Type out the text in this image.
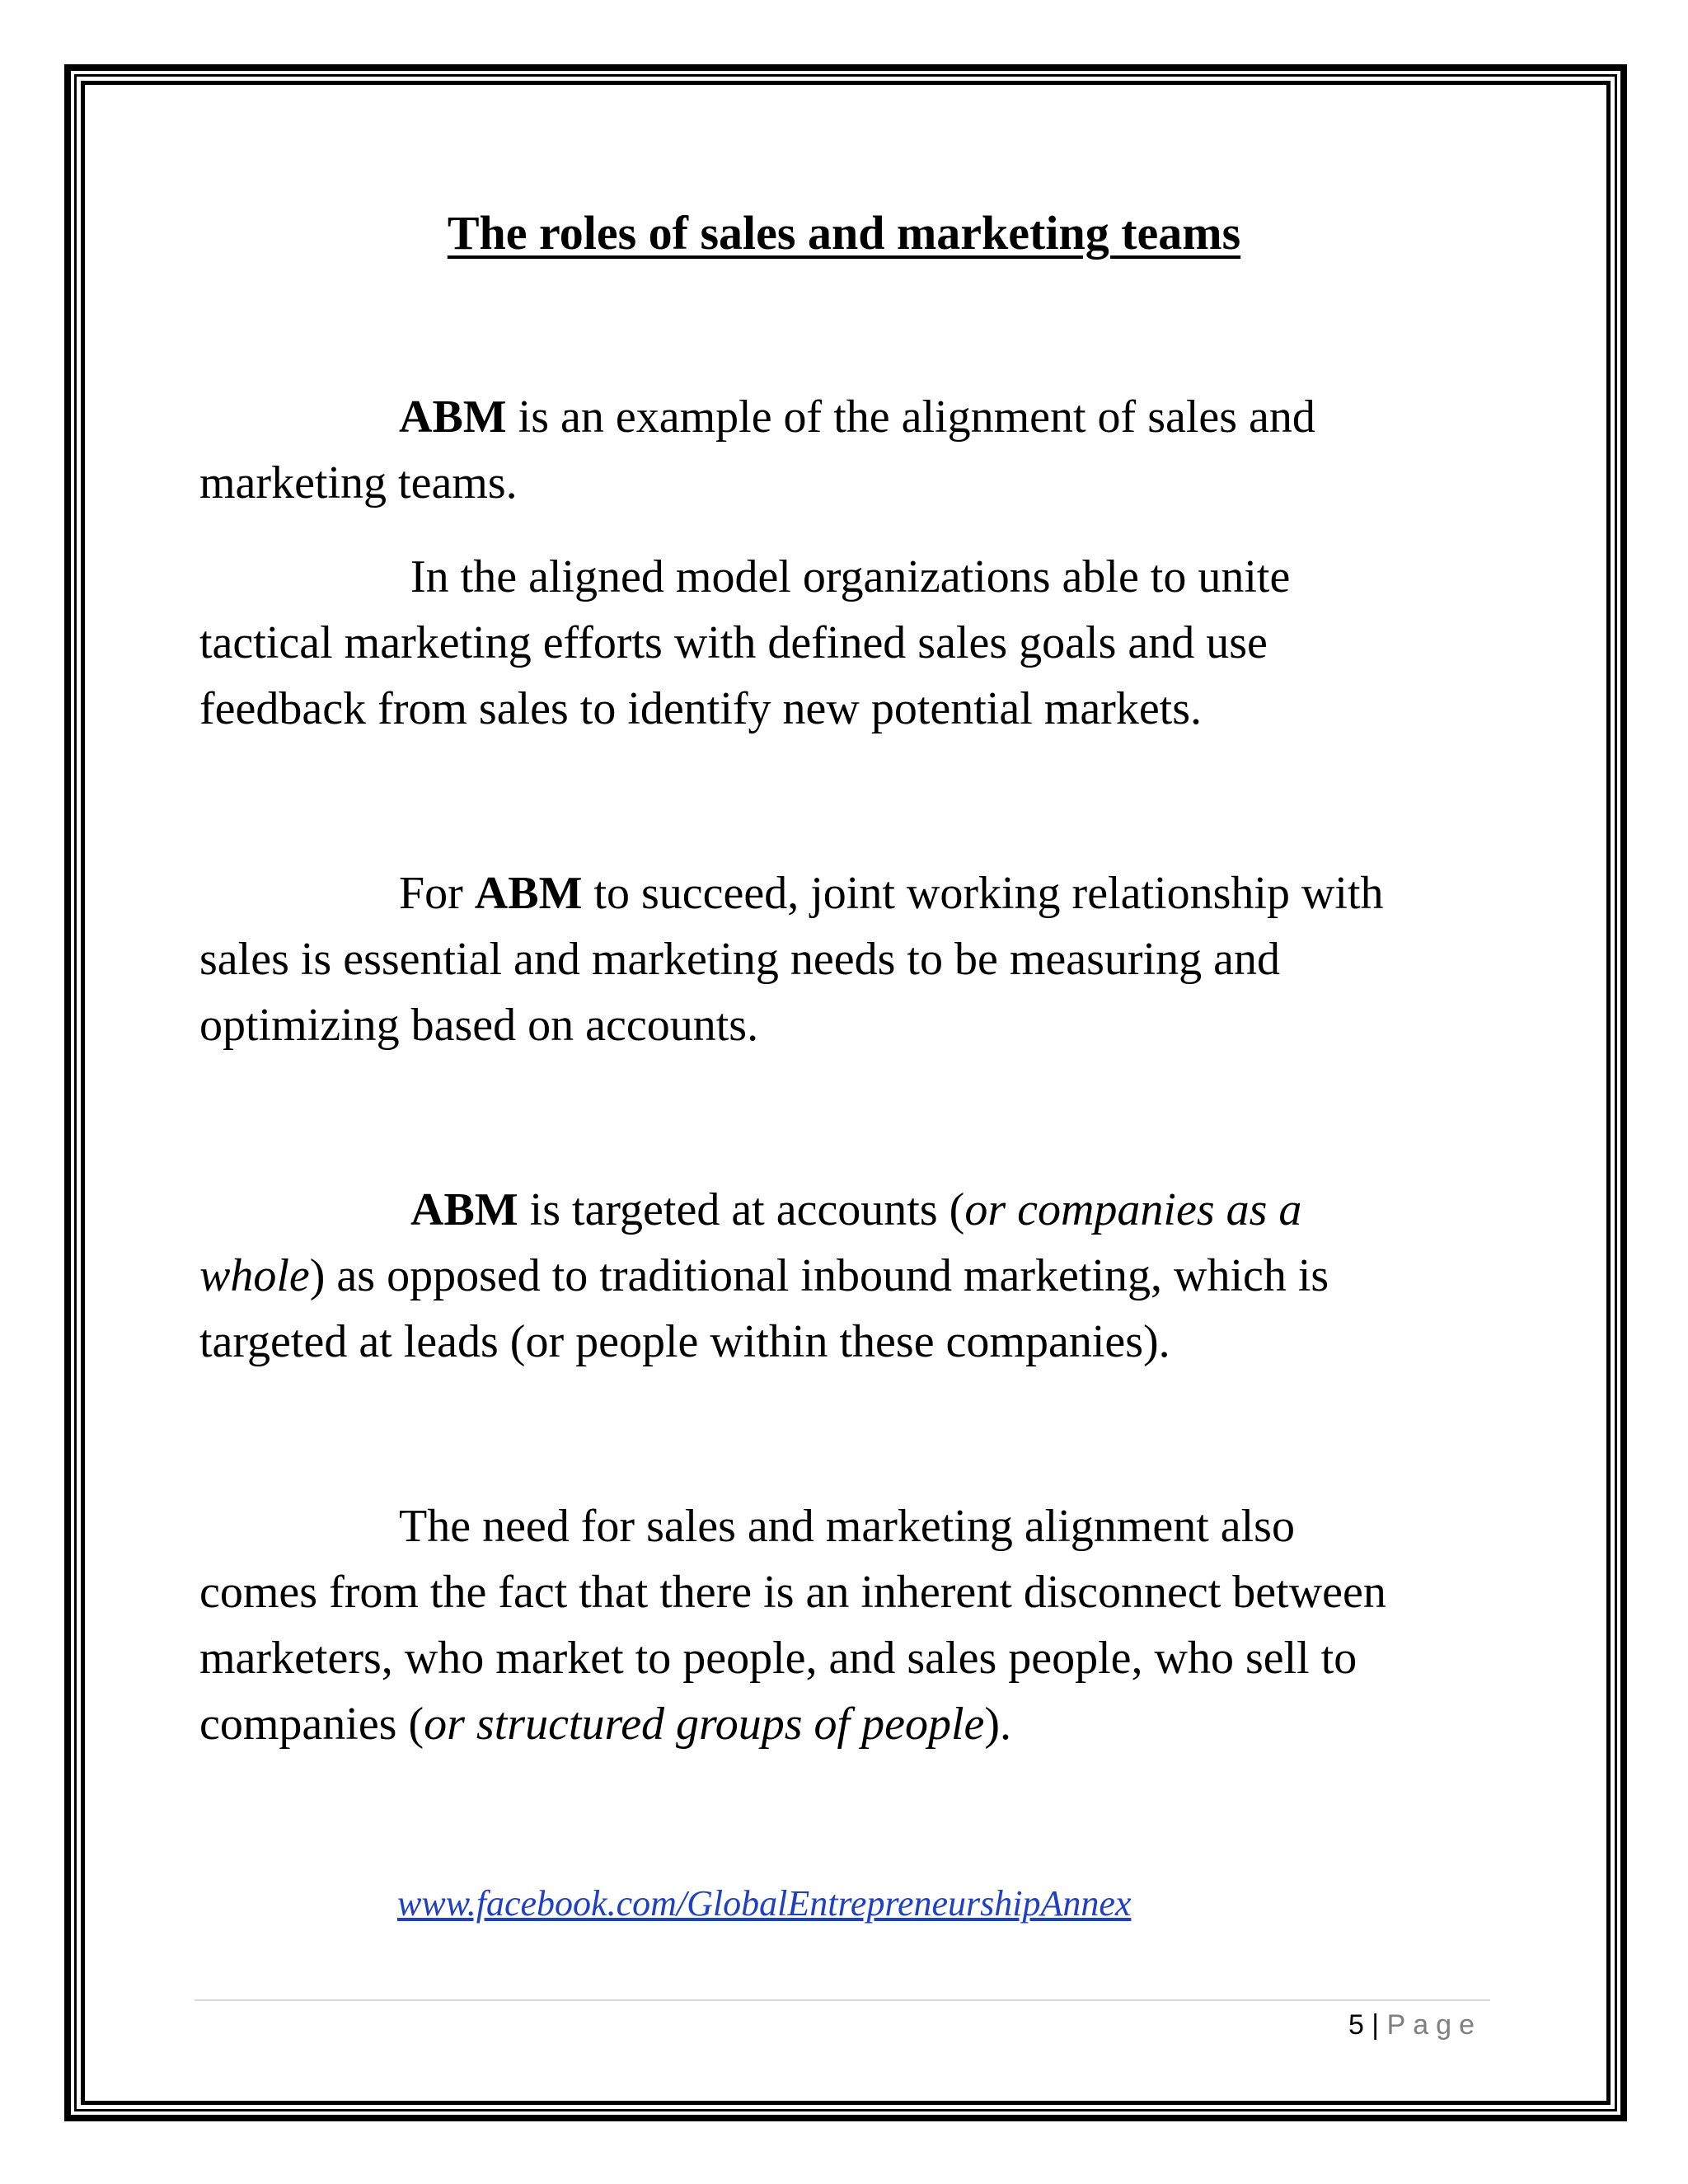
The roles of sales and marketing teams

ABM is an example of the alignment of sales and
marketing teams.

In the aligned model organizations able to unite
tactical marketing efforts with defined sales goals and use
feedback from sales to identify new potential markets.

For ABM to succeed, joint working relationship with
sales is essential and marketing needs to be measuring and
optimizing based on accounts.

ABM is targeted at accounts (or companies as a
whole) as opposed to traditional inbound marketing, which is
targeted at leads (or people within these companies).

The need for sales and marketing alignment also
comes from the fact that there is an inherent disconnect between
marketers, who market to people, and sales people, who sell to
companies (or structured groups of people).

www.facebook.com/GlobalEntrepreneurshipAnnex
5 | Page
